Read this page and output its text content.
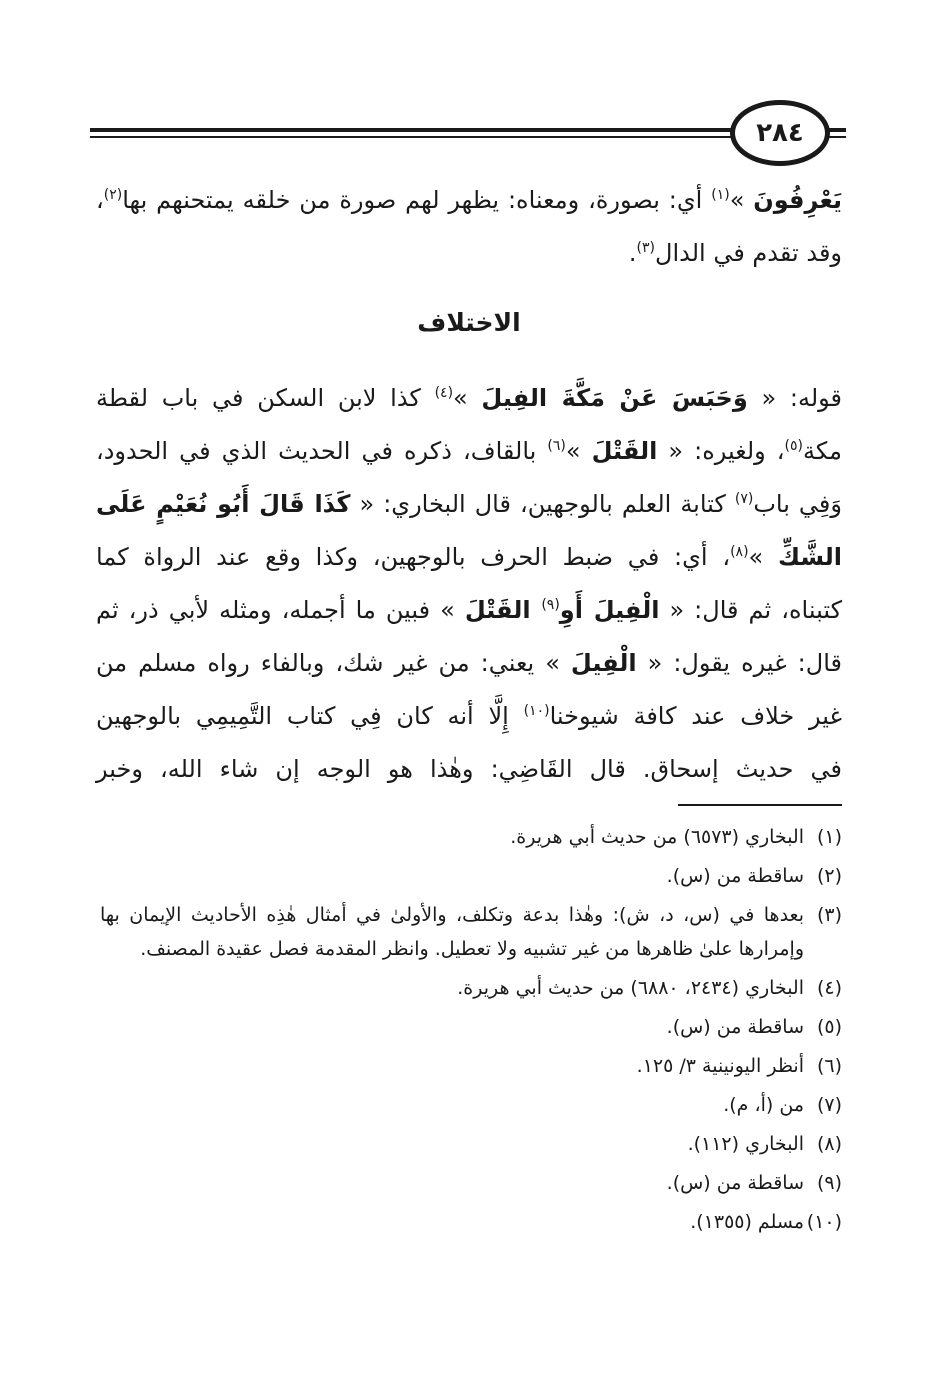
٢٨٤
يَعْرِفُونَ »$^{(١)}$ أي: بصورة، ومعناه: يظهر لهم صورة من خلقه يمتحنهم بها$^{(٢)}$،
وقد تقدم في الدال$^{(٣)}$.
الاختلاف
قوله: « وَحَبَسَ عَنْ مَكَّةَ الفِيلَ »$^{(٤)}$ كذا لابن السكن في باب لقطة
مكة$^{(٥)}$، ولغيره: « القَتْلَ »$^{(٦)}$ بالقاف، ذكره في الحديث الذي في الحدود،
وَفِي باب$^{(٧)}$ كتابة العلم بالوجهين، قال البخاري: « كَذَا قَالَ أَبُو نُعَيْمٍ عَلَى
الشَّكِّ »$^{(٨)}$، أي: في ضبط الحرف بالوجهين، وكذا وقع عند الرواة كما
كتبناه، ثم قال: « الْفِيلَ أَوِ$^{(٩)}$ القَتْلَ » فبين ما أجمله، ومثله لأبي ذر، ثم
قال: غيره يقول: « الْفِيلَ » يعني: من غير شك، وبالفاء رواه مسلم من
غير خلاف عند كافة شيوخنا$^{(١٠)}$ إِلَّا أنه كان فِي كتاب التَّمِيمِي بالوجهين
في حديث إسحاق. قال القَاضِي: وهٰذا هو الوجه إن شاء الله، وخبر
(١)
البخاري (٦٥٧٣) من حديث أبي هريرة.
(٢)
ساقطة من (س).
(٣)
بعدها في (س، د، ش): وهٰذا بدعة وتكلف، والأولىٰ في أمثال هٰذِه الأحاديث الإيمان بها وإمرارها علىٰ ظاهرها من غير تشبيه ولا تعطيل. وانظر المقدمة فصل عقيدة المصنف.
(٤)
البخاري (٢٤٣٤، ٦٨٨٠) من حديث أبي هريرة.
(٥)
ساقطة من (س).
(٦)
أنظر اليونينية ٣/ ١٢٥.
(٧)
من (أ، م).
(٨)
البخاري (١١٢).
(٩)
ساقطة من (س).
(١٠)
مسلم (١٣٥٥).
